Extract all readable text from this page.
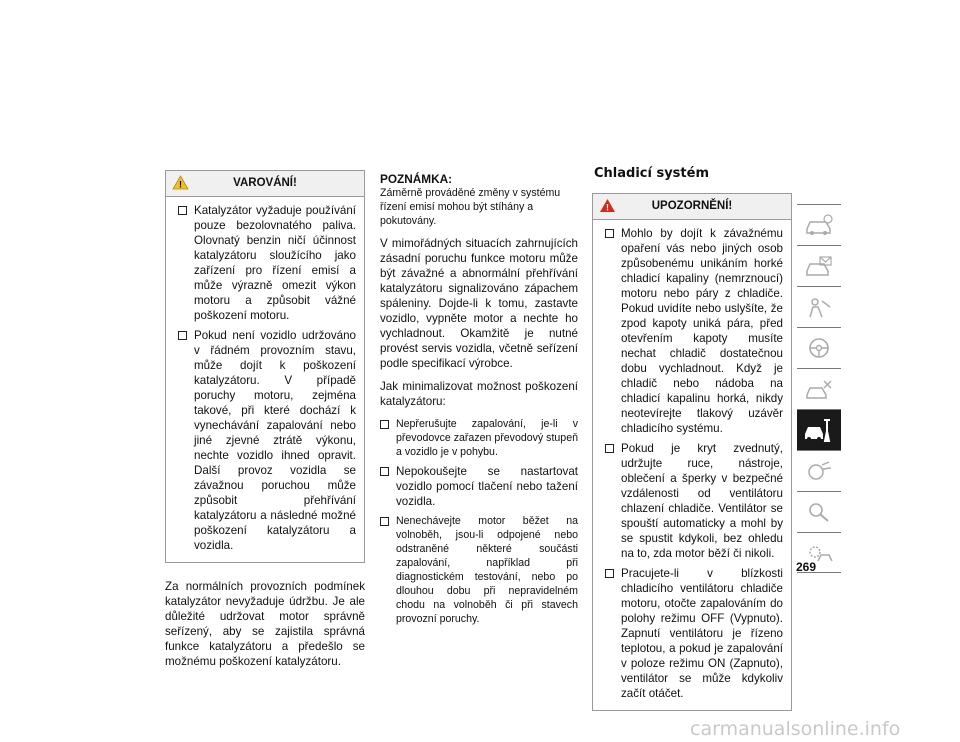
!	VAROVÁNÍ!
Katalyzátor vyžaduje používání pouze bezolovnatého paliva. Olovnatý benzin ničí účinnost katalyzátoru sloužícího jako zařízení pro řízení emisí a může výrazně omezit výkon motoru a způsobit vážné poškození motoru.
Pokud není vozidlo udržováno v řádném provozním stavu, může dojít k poškození katalyzátoru. V případě poruchy motoru, zejména takové, při které dochází k vynechávání zapalování nebo jiné zjevné ztrátě výkonu, nechte vozidlo ihned opravit. Další provoz vozidla se závažnou poruchou může způsobit přehřívání katalyzátoru a následné možné poškození katalyzátoru a vozidla.

Za normálních provozních podmínek katalyzátor nevyžaduje údržbu. Je ale důležité udržovat motor správně seřízený, aby se zajistila správná funkce katalyzátoru a předešlo se možnému poškození katalyzátoru.

POZNÁMKA:
Záměrně prováděné změny v systému řízení emisí mohou být stíhány a pokutovány.

V mimořádných situacích zahrnujících zásadní poruchu funkce motoru může být závažné a abnormální přehřívání katalyzátoru signalizováno zápachem spáleniny. Dojde-li k tomu, zastavte vozidlo, vypněte motor a nechte ho vychladnout. Okamžitě je nutné provést servis vozidla, včetně seřízení podle specifikací výrobce.

Jak minimalizovat možnost poškození katalyzátoru:

Nepřerušujte zapalování, je-li v převodovce zařazen převodový stupeň a vozidlo je v pohybu.
Nepokoušejte se nastartovat vozidlo pomocí tlačení nebo tažení vozidla.
Nenechávejte motor běžet na volnoběh, jsou-li odpojené nebo odstraněné některé součásti zapalování, například při diagnostickém testování, nebo po dlouhou dobu při nepravidelném chodu na volnoběh či při stavech provozní poruchy.
Chladicí systém
!	UPOZORNĚNÍ!
Mohlo by dojít k závažnému opaření vás nebo jiných osob způsobenému unikáním horké chladicí kapaliny (nemrznoucí) motoru nebo páry z chladiče. Pokud uvidíte nebo uslyšíte, že zpod kapoty uniká pára, před otevřením kapoty musíte nechat chladič dostatečnou dobu vychladnout. Když je chladič nebo nádoba na chladicí kapalinu horká, nikdy neotevírejte tlakový uzávěr chladicího systému.
Pokud je kryt zvednutý, udržujte ruce, nástroje, oblečení a šperky v bezpečné vzdálenosti od ventilátoru chlazení chladiče. Ventilátor se spouští automaticky a mohl by se spustit kdykoli, bez ohledu na to, zda motor běží či nikoli.
Pracujete-li v blízkosti chladicího ventilátoru chladiče motoru, otočte zapalováním do polohy režimu OFF (Vypnuto). Zapnutí ventilátoru je řízeno teplotou, a pokud je zapalování v poloze režimu ON (Zapnuto), ventilátor se může kdykoliv začít otáčet.
269
carmanualsonline.info
